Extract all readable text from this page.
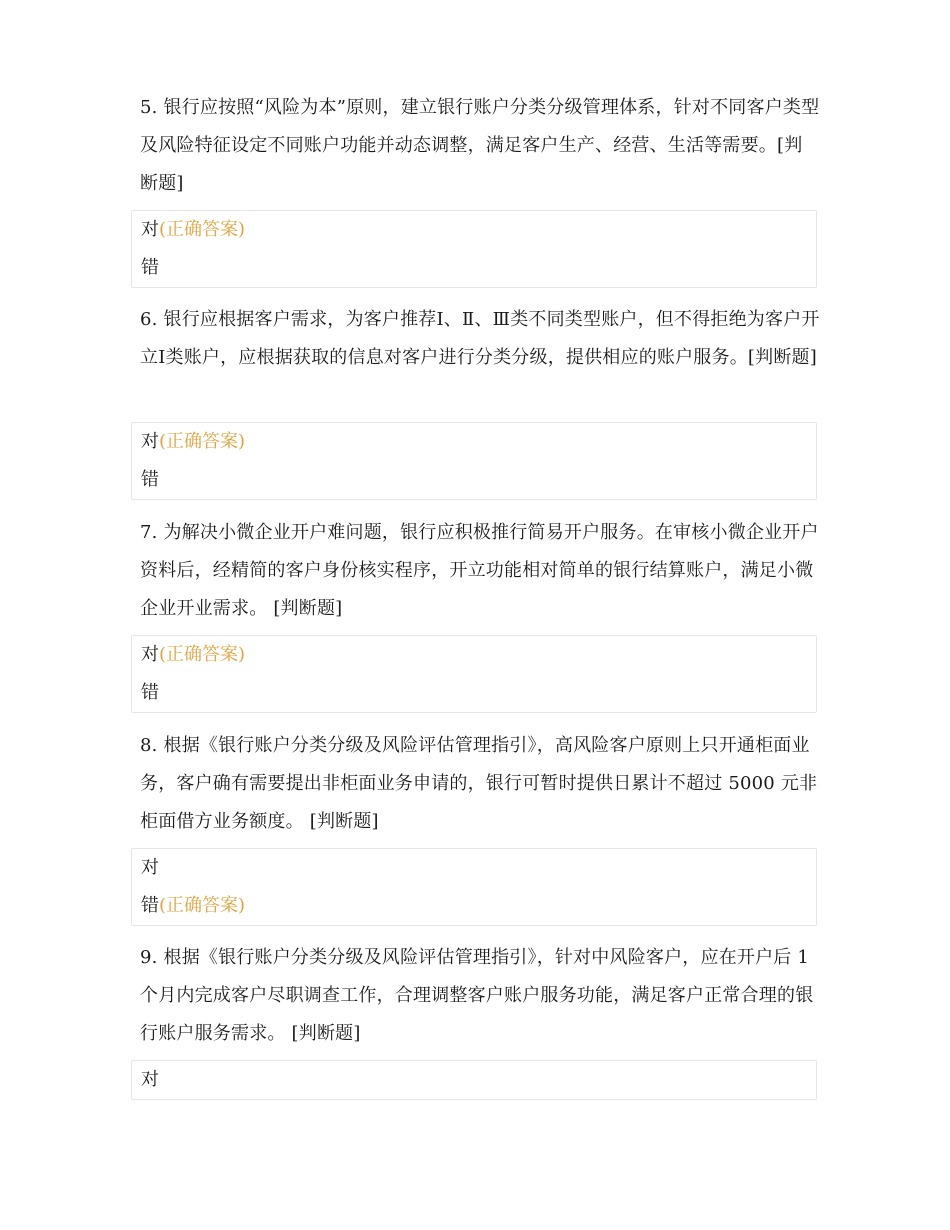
5. 银行应按照“风险为本”原则，建立银行账户分类分级管理体系，针对不同客户类型及风险特征设定不同账户功能并动态调整，满足客户生产、经营、生活等需要。[判断题]
对(正确答案)
错
6. 银行应根据客户需求，为客户推荐Ⅰ、Ⅱ、Ⅲ类不同类型账户，但不得拒绝为客户开立Ⅰ类账户，应根据获取的信息对客户进行分类分级，提供相应的账户服务。[判断题]
对(正确答案)
错
7. 为解决小微企业开户难问题，银行应积极推行简易开户服务。在审核小微企业开户资料后，经精简的客户身份核实程序，开立功能相对简单的银行结算账户，满足小微企业开业需求。 [判断题]
对(正确答案)
错
8. 根据《银行账户分类分级及风险评估管理指引》，高风险客户原则上只开通柜面业务，客户确有需要提出非柜面业务申请的，银行可暂时提供日累计不超过 5000 元非柜面借方业务额度。 [判断题]
对
错(正确答案)
9. 根据《银行账户分类分级及风险评估管理指引》，针对中风险客户，应在开户后 1 个月内完成客户尽职调查工作，合理调整客户账户服务功能，满足客户正常合理的银行账户服务需求。 [判断题]
对
